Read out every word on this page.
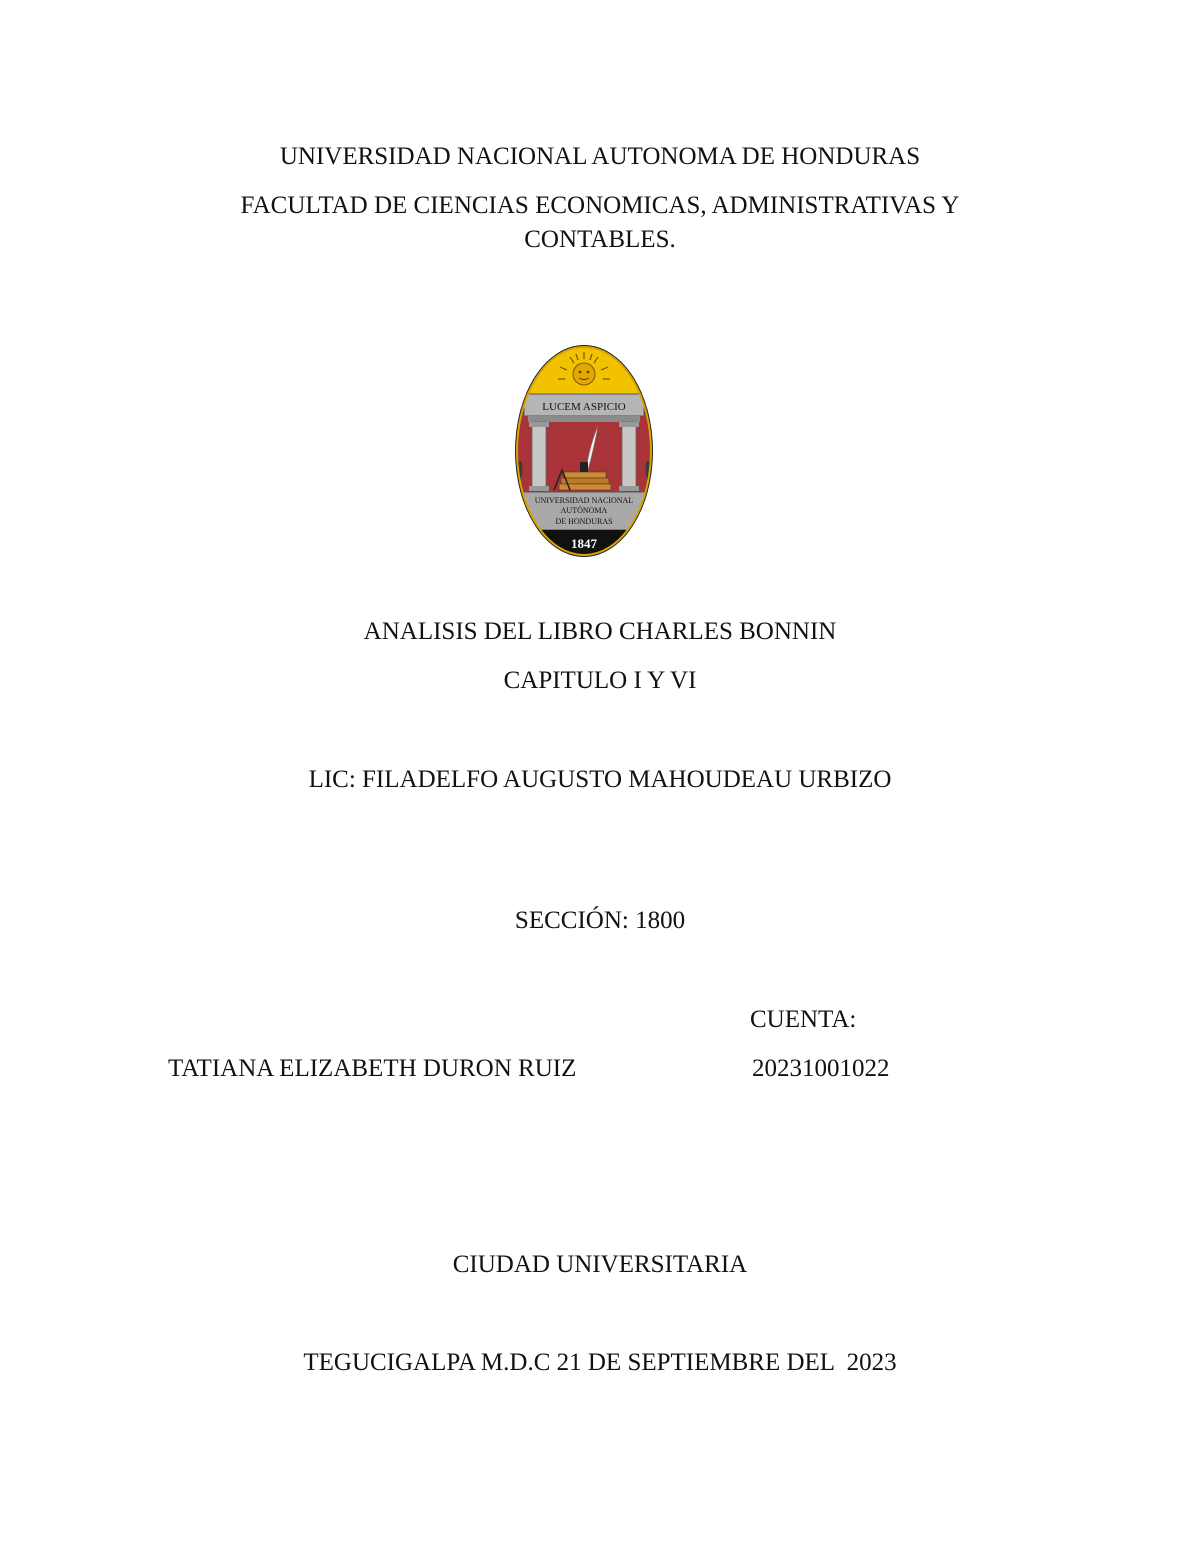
UNIVERSIDAD NACIONAL AUTONOMA DE HONDURAS
FACULTAD DE CIENCIAS ECONOMICAS, ADMINISTRATIVAS Y
CONTABLES.
LUCEM ASPICIO
UNIVERSIDAD NACIONAL
AUTÓNOMA
DE HONDURAS
1847
ANALISIS DEL LIBRO CHARLES BONNIN
CAPITULO I Y VI
LIC: FILADELFO AUGUSTO MAHOUDEAU URBIZO
SECCIÓN: 1800
CUENTA:
TATIANA ELIZABETH DURON RUIZ	20231001022
CIUDAD UNIVERSITARIA
TEGUCIGALPA M.D.C 21 DE SEPTIEMBRE DEL  2023
